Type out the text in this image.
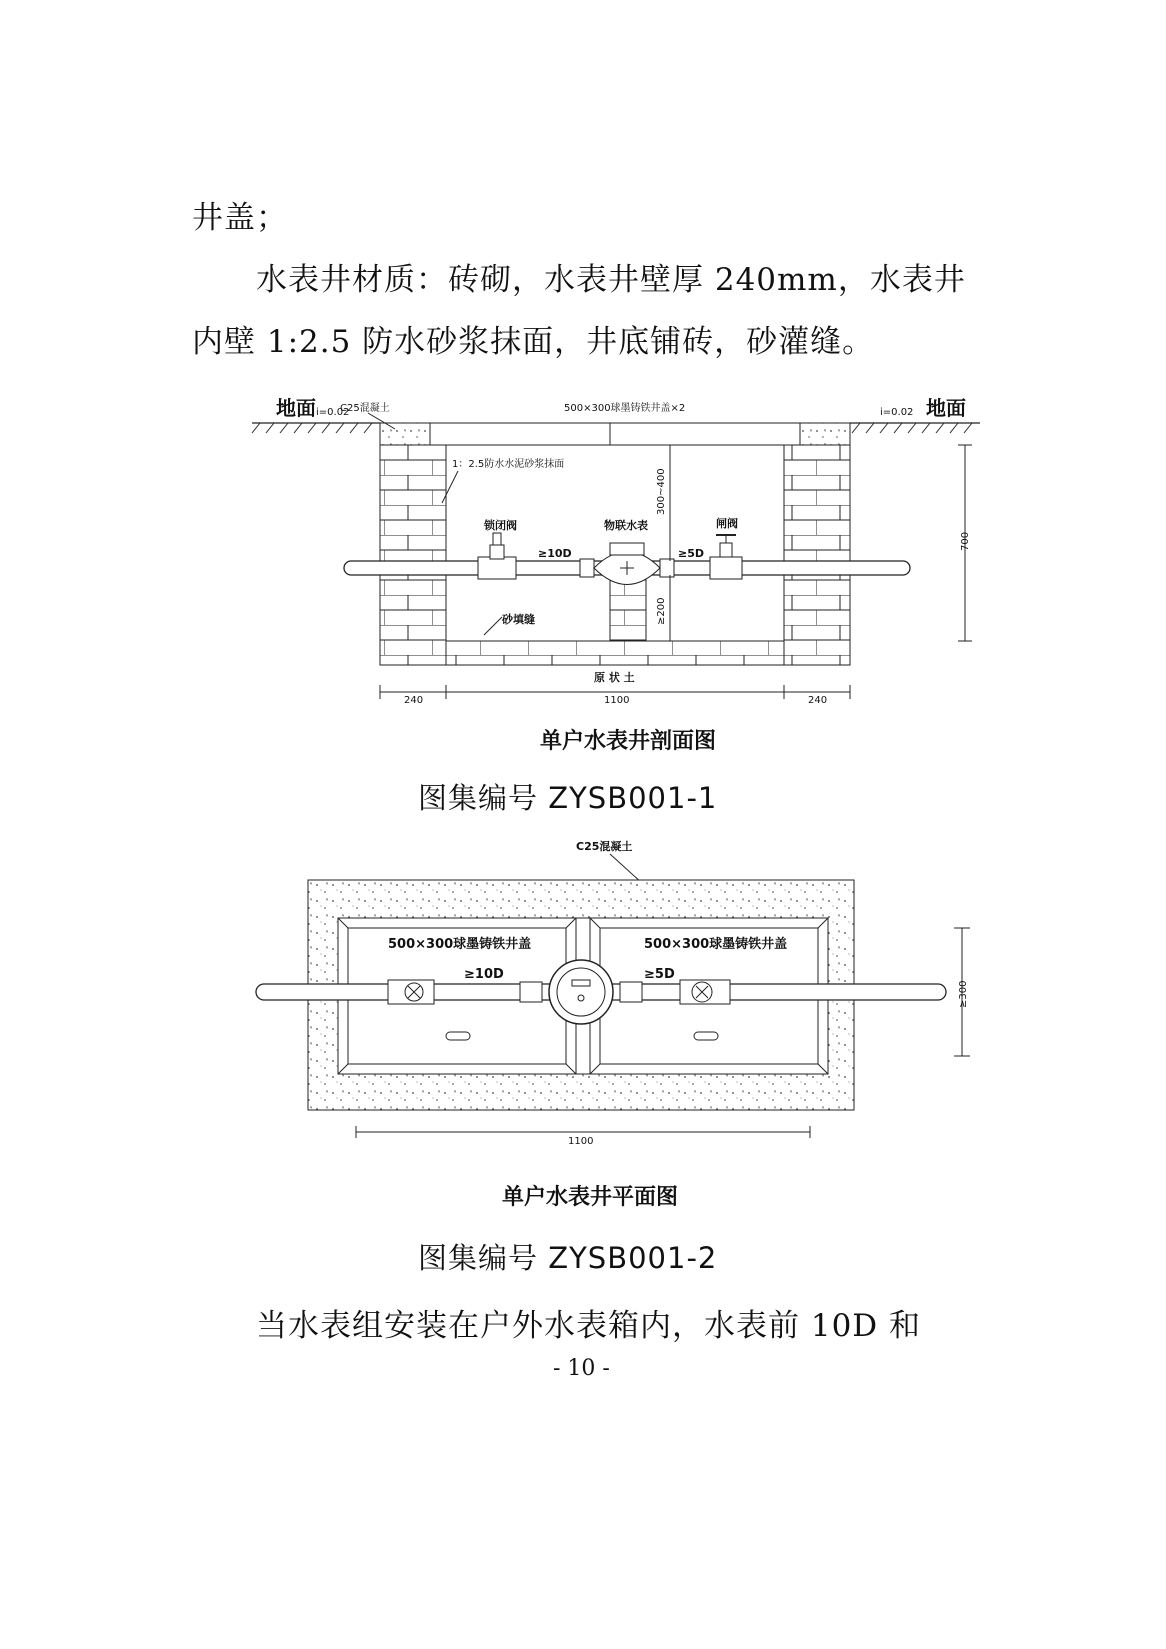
井盖；
水表井材质：砖砌，水表井壁厚 240mm，水表井
内壁 1:2.5 防水砂浆抹面，井底铺砖，砂灌缝。
C25混凝土
地面 i=0.02	i=0.02 地面
500×300球墨铸铁井盖×2
1：2.5防水水泥砂浆抹面
锁闭阀	物联水表	闸阀
≥10D	≥5D
砂填缝
原 状 土
300~400
≥200
700
240	1100	240
单户水表井剖面图
图集编号 ZYSB001-1
C25混凝土
500×300球墨铸铁井盖	500×300球墨铸铁井盖
≥10D	≥5D
≥300
1100
单户水表井平面图
图集编号 ZYSB001-2
当水表组安装在户外水表箱内，水表前 10D 和
- 10 -
